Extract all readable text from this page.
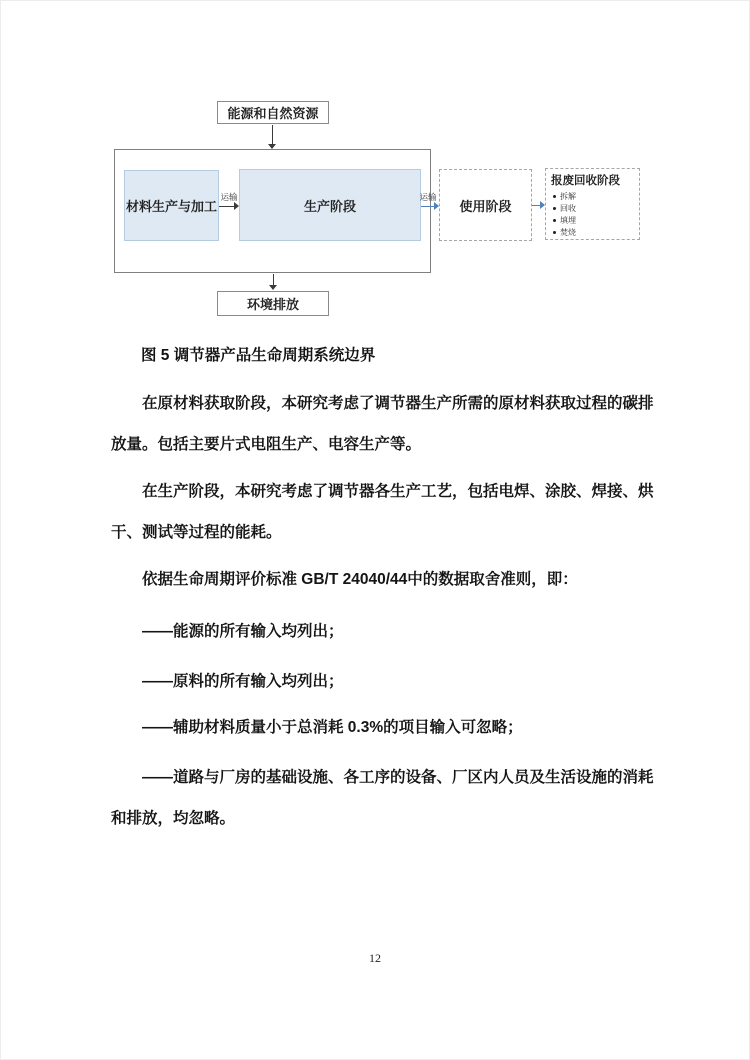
能源和自然资源
材料生产与加工
运输
生产阶段
运输
使用阶段
报废回收阶段
拆解
回收
填埋
焚烧
环境排放
图 5 调节器产品生命周期系统边界
在原材料获取阶段，本研究考虑了调节器生产所需的原材料获取过程的碳排
放量。包括主要片式电阻生产、电容生产等。
在生产阶段，本研究考虑了调节器各生产工艺，包括电焊、涂胶、焊接、烘
干、测试等过程的能耗。
依据生命周期评价标准 GB/T 24040/44中的数据取舍准则，即：
——能源的所有输入均列出；
——原料的所有输入均列出；
——辅助材料质量小于总消耗 0.3%的项目输入可忽略；
——道路与厂房的基础设施、各工序的设备、厂区内人员及生活设施的消耗
和排放，均忽略。
12
